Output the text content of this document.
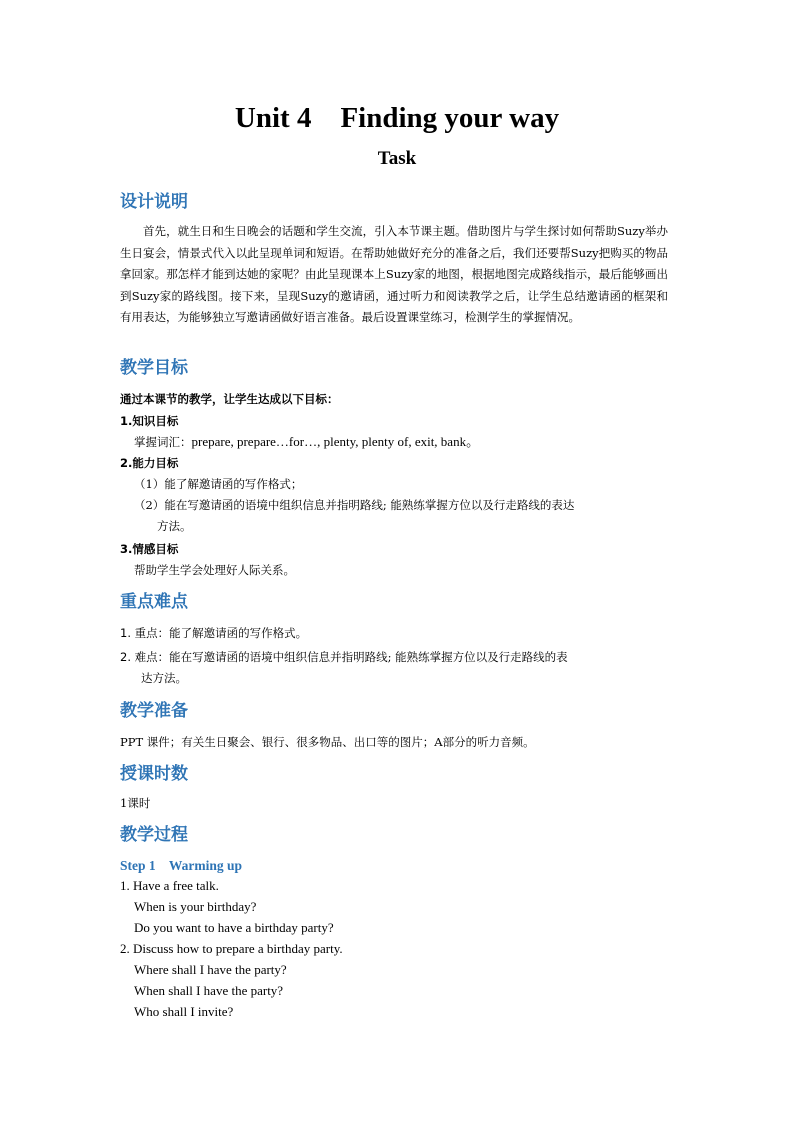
Unit 4    Finding your way
Task
设计说明
首先，就生日和生日晚会的话题和学生交流，引入本节课主题。借助图片与学生探讨如何帮助Suzy举办生日宴会，情景式代入以此呈现单词和短语。在帮助她做好充分的准备之后，我们还要帮Suzy把购买的物品拿回家。那怎样才能到达她的家呢？由此呈现课本上Suzy家的地图，根据地图完成路线指示，最后能够画出到Suzy家的路线图。接下来，呈现Suzy的邀请函，通过听力和阅读教学之后，让学生总结邀请函的框架和有用表达，为能够独立写邀请函做好语言准备。最后设置课堂练习，检测学生的掌握情况。
教学目标
通过本课节的教学，让学生达成以下目标：
1.知识目标
掌握词汇：prepare, prepare…for…, plenty, plenty of, exit, bank。
2.能力目标
（1）能了解邀请函的写作格式；
（2）能在写邀请函的语境中组织信息并指明路线; 能熟练掌握方位以及行走路线的表达
方法。
3.情感目标
帮助学生学会处理好人际关系。
重点难点
1. 重点：能了解邀请函的写作格式。
2. 难点：能在写邀请函的语境中组织信息并指明路线; 能熟练掌握方位以及行走路线的表
达方法。
教学准备
PPT 课件；有关生日聚会、银行、很多物品、出口等的图片；A部分的听力音频。
授课时数
1课时
教学过程
Step 1    Warming up
1. Have a free talk.
When is your birthday?
Do you want to have a birthday party?
2. Discuss how to prepare a birthday party.
Where shall I have the party?
When shall I have the party?
Who shall I invite?
